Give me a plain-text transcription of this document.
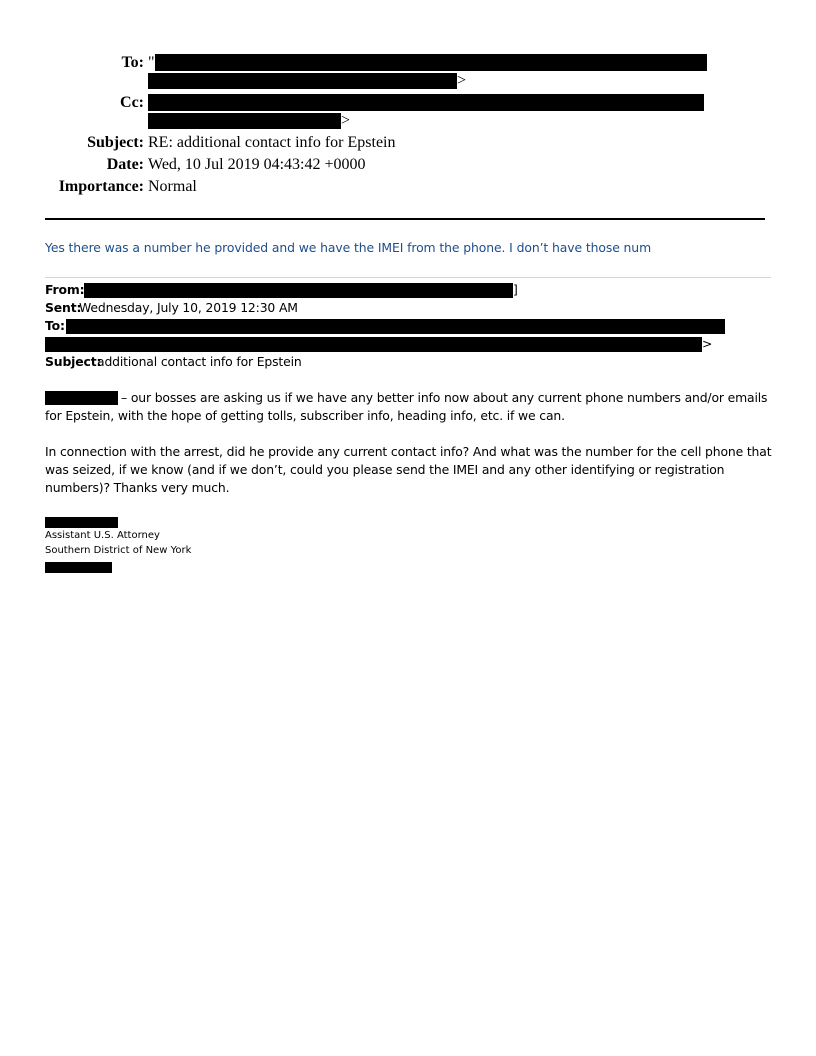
To: "
>
Cc:
>
Subject: RE: additional contact info for Epstein
Date: Wed, 10 Jul 2019 04:43:42 +0000
Importance: Normal
Yes there was a number he provided and we have the IMEI from the phone. I don’t have those num
From:	]
Sent:
Wednesday, July 10, 2019 12:30 AM
To:
>
Subject:
additional contact info for Epstein
– our bosses are asking us if we have any better info now about any current phone numbers and/or emails
for Epstein, with the hope of getting tolls, subscriber info, heading info, etc. if we can.
In connection with the arrest, did he provide any current contact info? And what was the number for the cell phone that
was seized, if we know (and if we don’t, could you please send the IMEI and any other identifying or registration
numbers)? Thanks very much.
Assistant U.S. Attorney
Southern District of New York
